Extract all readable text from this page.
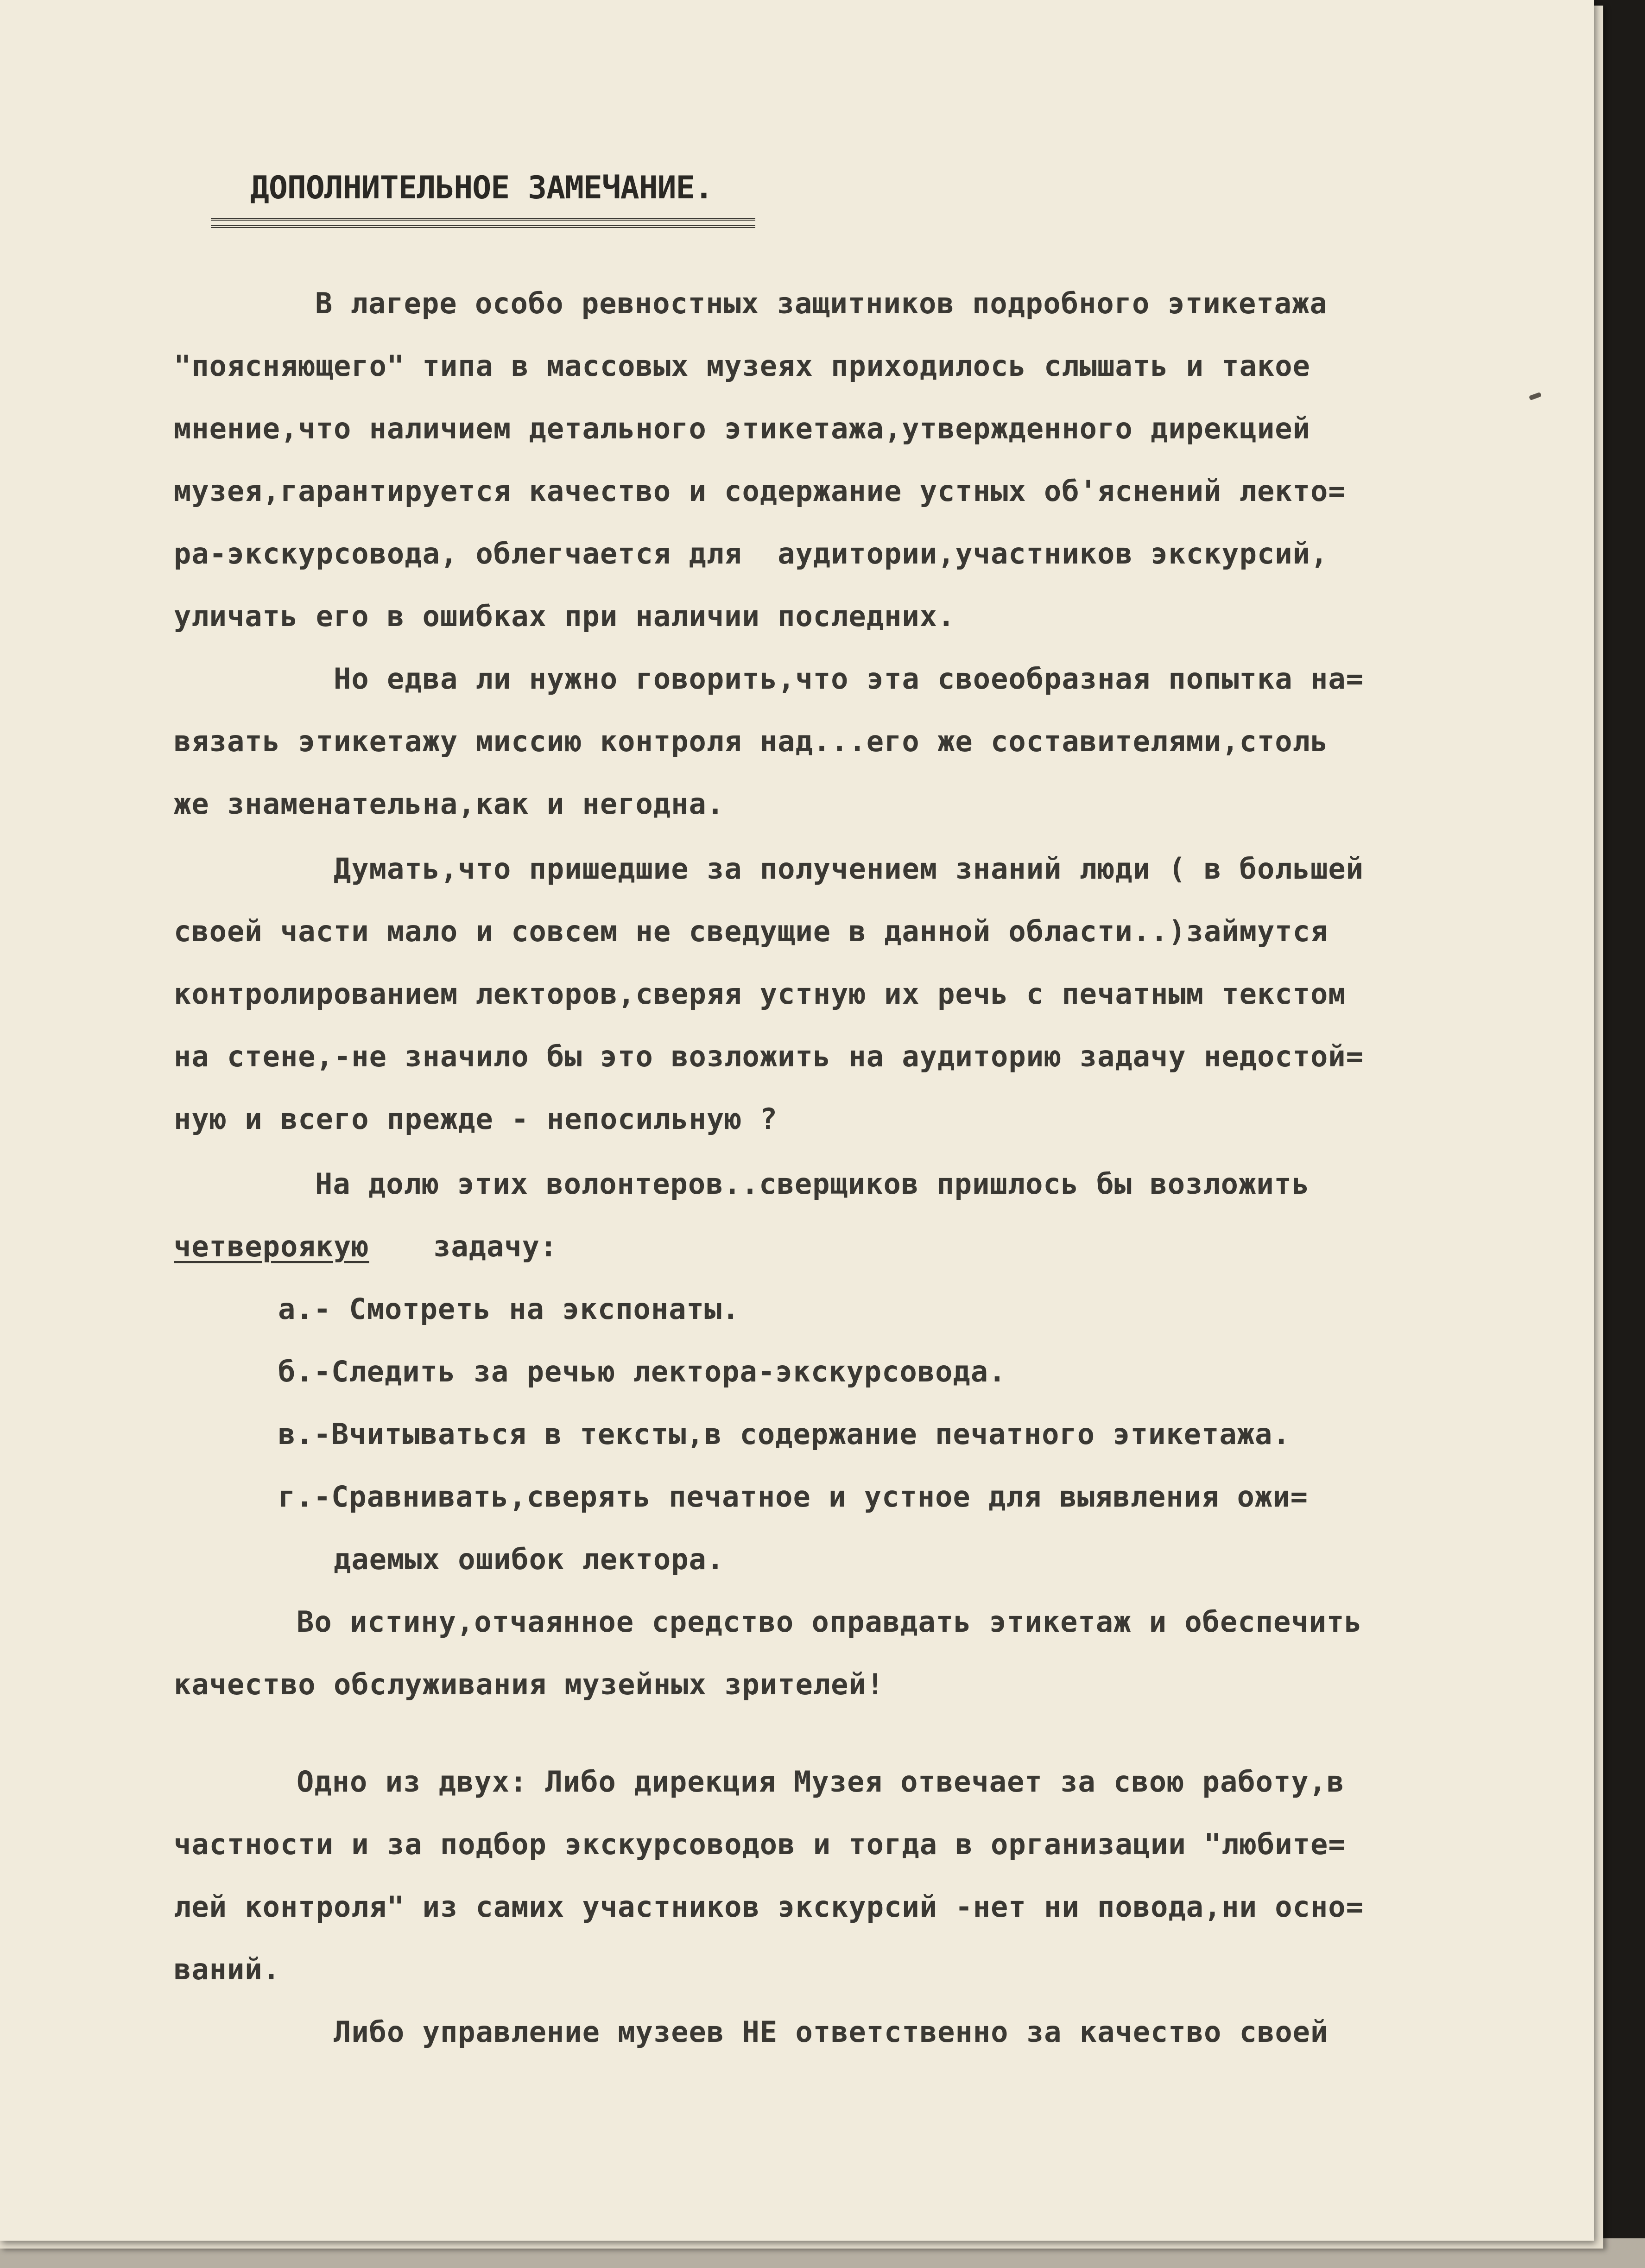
ДОПОЛНИТЕЛЬНОЕ ЗАМЕЧАНИЕ.
В лагере особо ревностных защитников подробного этикетажа
"поясняющего" типа в массовых музеях приходилось слышать и такое
мнение,что наличием детального этикетажа,утвержденного дирекцией
музея,гарантируется качество и содержание устных об'яснений лекто=
ра-экскурсовода, облегчается для  аудитории,участников экскурсий,
уличать его в ошибках при наличии последних.
Но едва ли нужно говорить,что эта своеобразная попытка на=
вязать этикетажу миссию контроля над...его же составителями,столь
же знаменательна,как и негодна.
Думать,что пришедшие за получением знаний люди ( в большей
своей части мало и совсем не сведущие в данной области..)займутся
контролированием лекторов,сверяя устную их речь с печатным текстом
на стене,-не значило бы это возложить на аудиторию задачу недостой=
ную и всего прежде - непосильную ?
На долю этих волонтеров..сверщиков пришлось бы возложить
четвероякую задачу:
а.- Смотреть на экспонаты.
б.-Следить за речью лектора-экскурсовода.
в.-Вчитываться в тексты,в содержание печатного этикетажа.
г.-Сравнивать,сверять печатное и устное для выявления ожи=
даемых ошибок лектора.
Во истину,отчаянное средство оправдать этикетаж и обеспечить
качество обслуживания музейных зрителей!
Одно из двух: Либо дирекция Музея отвечает за свою работу,в
частности и за подбор экскурсоводов и тогда в организации "любите=
лей контроля" из самих участников экскурсий -нет ни повода,ни осно=
ваний.
Либо управление музеев НЕ ответственно за качество своей
